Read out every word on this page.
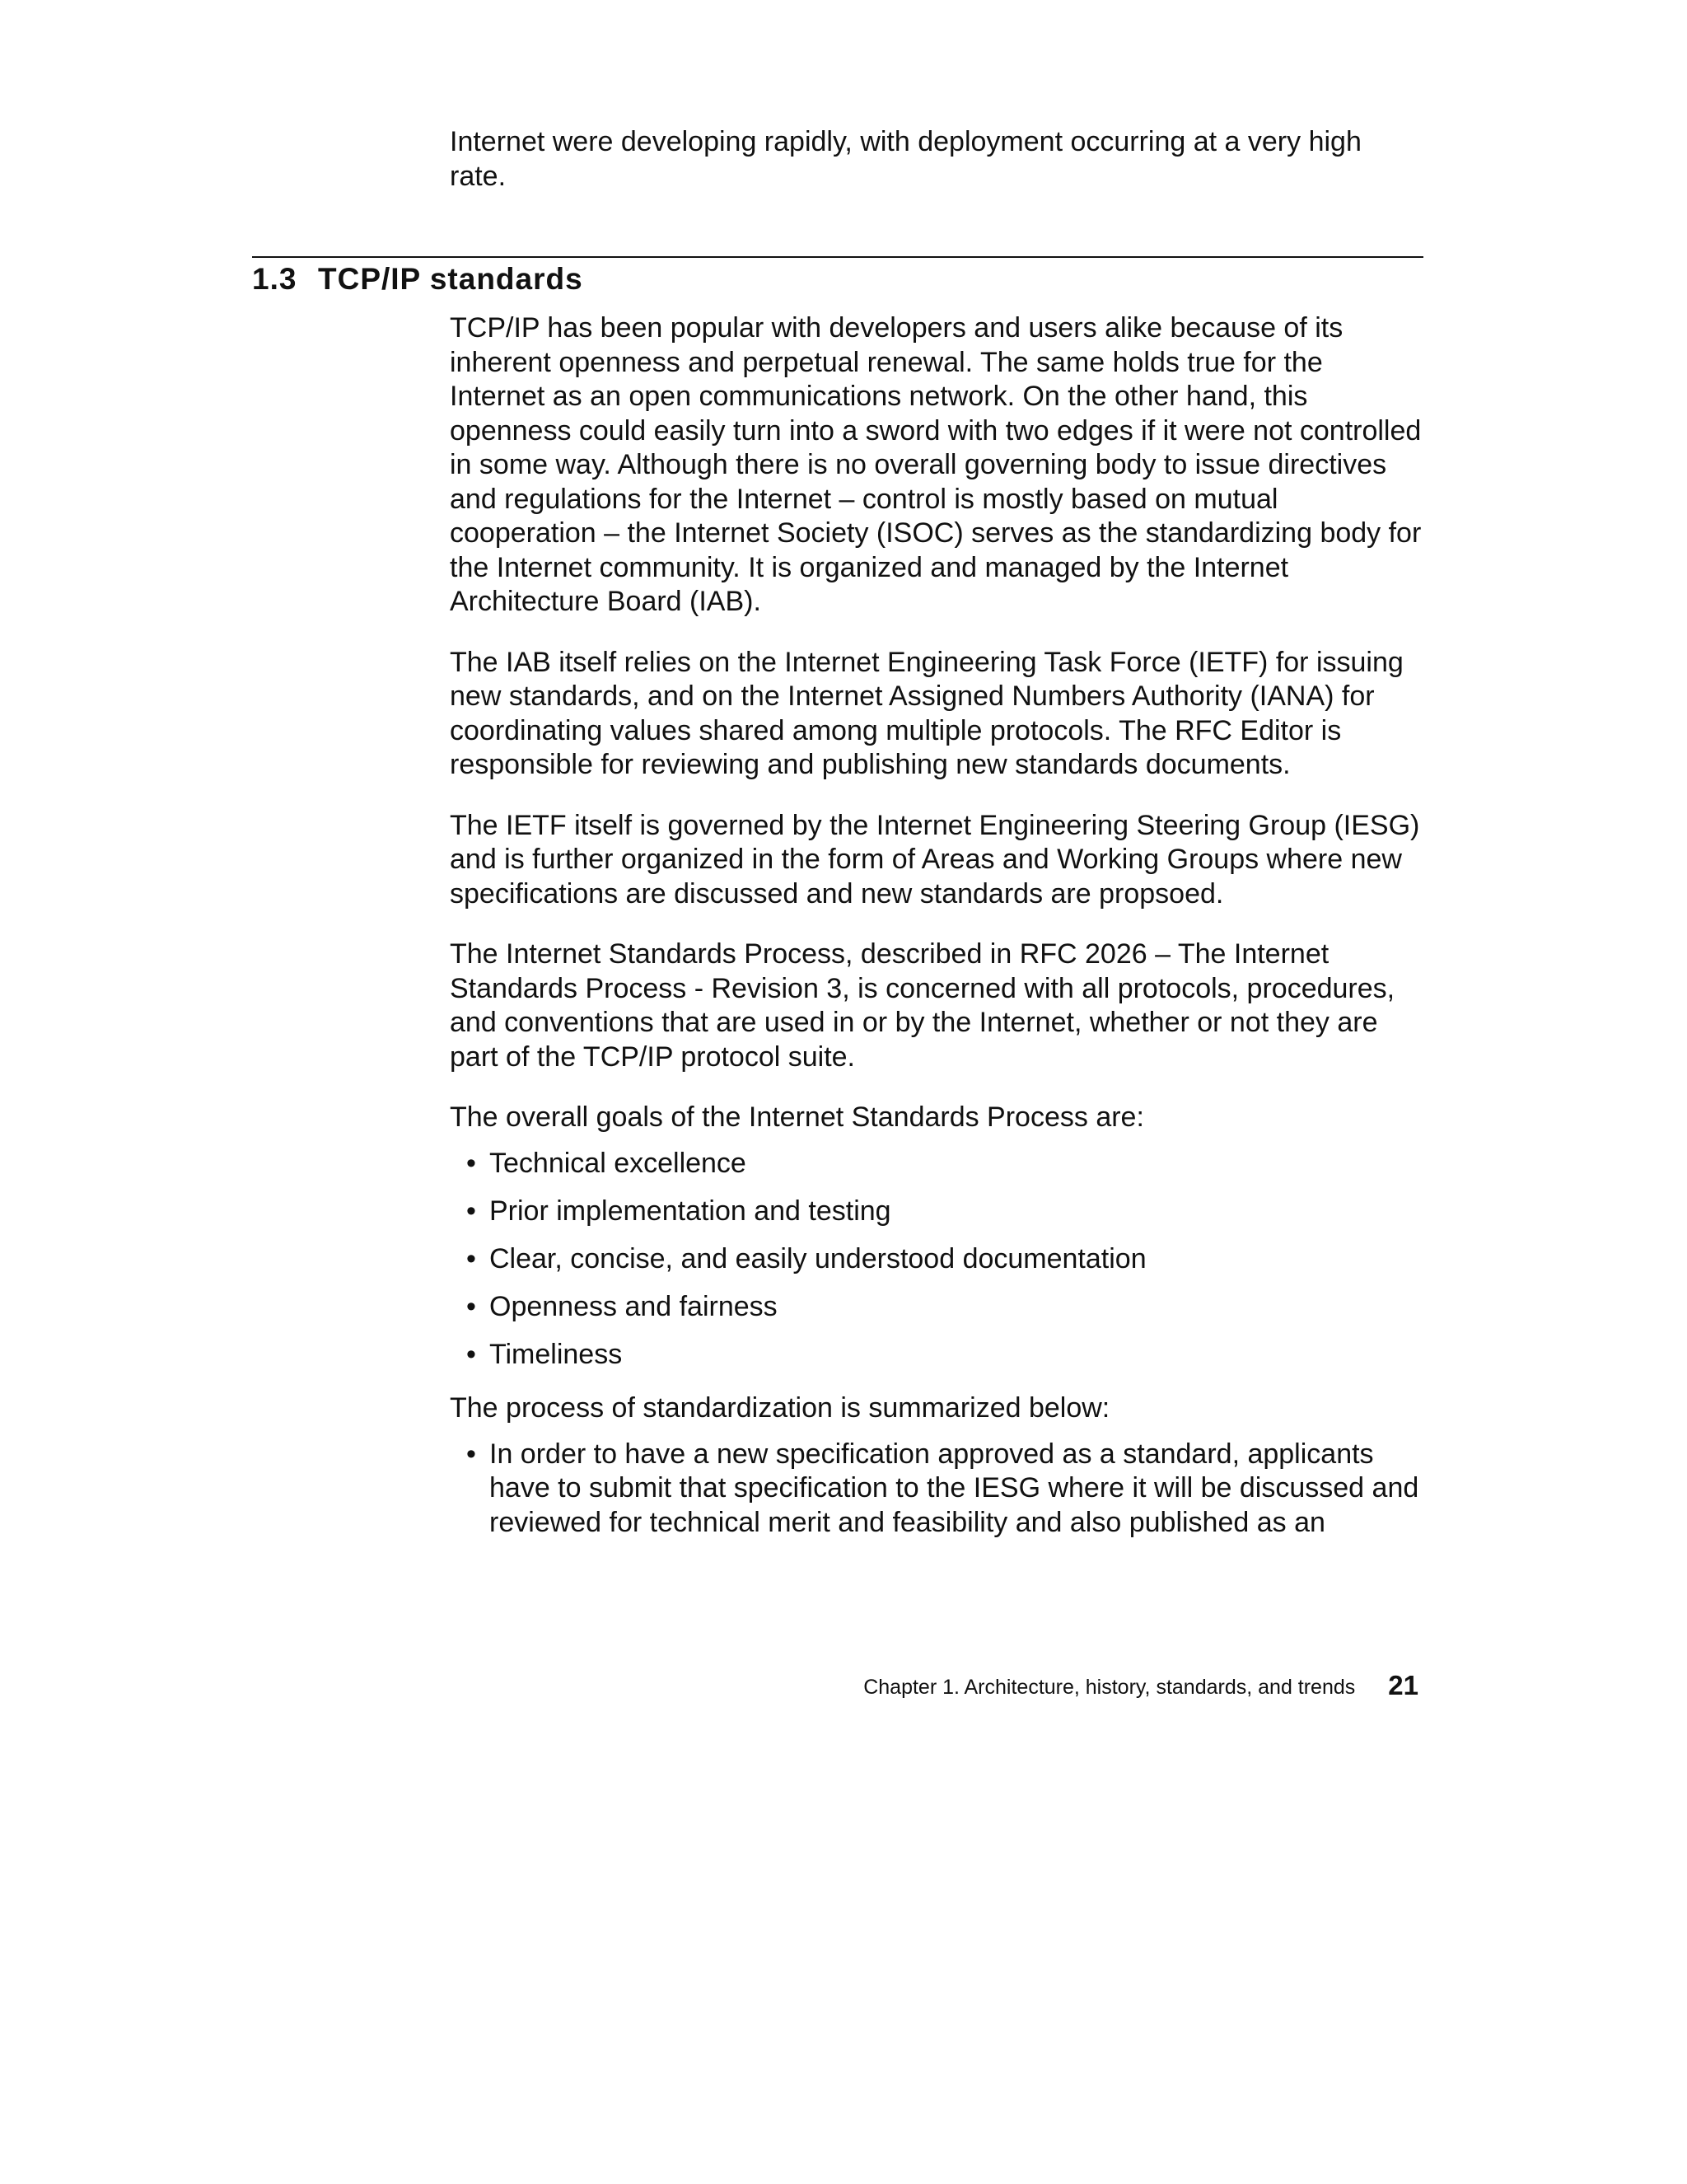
Internet were developing rapidly, with deployment occurring at a very high rate.

1.3 TCP/IP standards

TCP/IP has been popular with developers and users alike because of its inherent openness and perpetual renewal. The same holds true for the Internet as an open communications network. On the other hand, this openness could easily turn into a sword with two edges if it were not controlled in some way. Although there is no overall governing body to issue directives and regulations for the Internet – control is mostly based on mutual cooperation – the Internet Society (ISOC) serves as the standardizing body for the Internet community. It is organized and managed by the Internet Architecture Board (IAB).

The IAB itself relies on the Internet Engineering Task Force (IETF) for issuing new standards, and on the Internet Assigned Numbers Authority (IANA) for coordinating values shared among multiple protocols. The RFC Editor is responsible for reviewing and publishing new standards documents.

The IETF itself is governed by the Internet Engineering Steering Group (IESG) and is further organized in the form of Areas and Working Groups where new specifications are discussed and new standards are propsoed.

The Internet Standards Process, described in RFC 2026 – The Internet Standards Process - Revision 3, is concerned with all protocols, procedures, and conventions that are used in or by the Internet, whether or not they are part of the TCP/IP protocol suite.

The overall goals of the Internet Standards Process are:

• Technical excellence
• Prior implementation and testing
• Clear, concise, and easily understood documentation
• Openness and fairness
• Timeliness

The process of standardization is summarized below:

• In order to have a new specification approved as a standard, applicants have to submit that specification to the IESG where it will be discussed and reviewed for technical merit and feasibility and also published as an
Chapter 1. Architecture, history, standards, and trends 21
